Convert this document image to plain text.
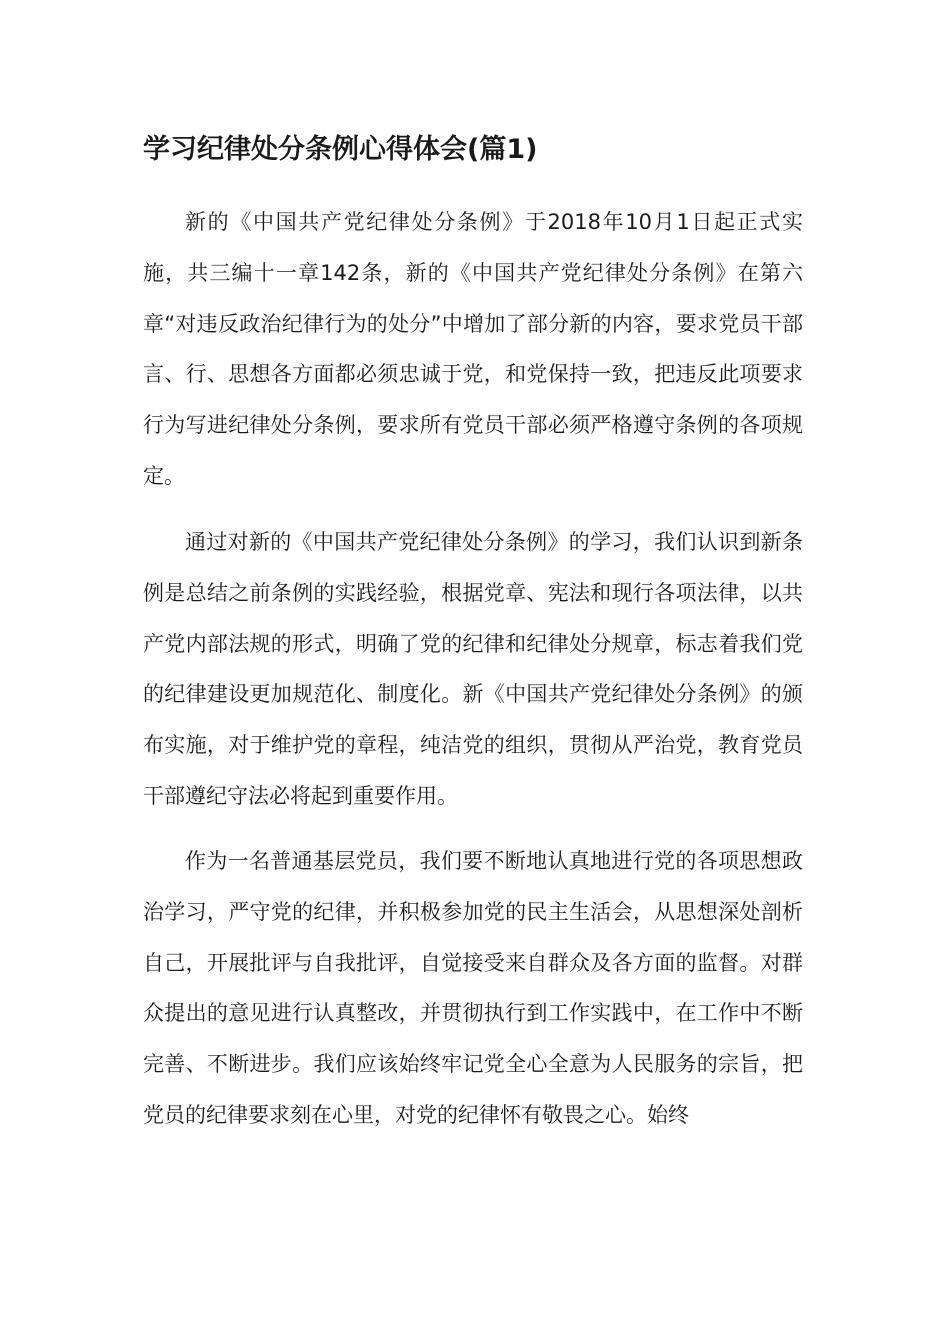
学习纪律处分条例心得体会(篇1)

新的《中国共产党纪律处分条例》于2018年10月1日起正式实施，共三编十一章142条，新的《中国共产党纪律处分条例》在第六章“对违反政治纪律行为的处分”中增加了部分新的内容，要求党员干部言、行、思想各方面都必须忠诚于党，和党保持一致，把违反此项要求行为写进纪律处分条例，要求所有党员干部必须严格遵守条例的各项规定。

通过对新的《中国共产党纪律处分条例》的学习，我们认识到新条例是总结之前条例的实践经验，根据党章、宪法和现行各项法律，以共产党内部法规的形式，明确了党的纪律和纪律处分规章，标志着我们党的纪律建设更加规范化、制度化。新《中国共产党纪律处分条例》的颁布实施，对于维护党的章程，纯洁党的组织，贯彻从严治党，教育党员干部遵纪守法必将起到重要作用。

作为一名普通基层党员，我们要不断地认真地进行党的各项思想政治学习，严守党的纪律，并积极参加党的民主生活会，从思想深处剖析自己，开展批评与自我批评，自觉接受来自群众及各方面的监督。对群众提出的意见进行认真整改，并贯彻执行到工作实践中，在工作中不断完善、不断进步。我们应该始终牢记党全心全意为人民服务的宗旨，把党员的纪律要求刻在心里，对党的纪律怀有敬畏之心。始终
